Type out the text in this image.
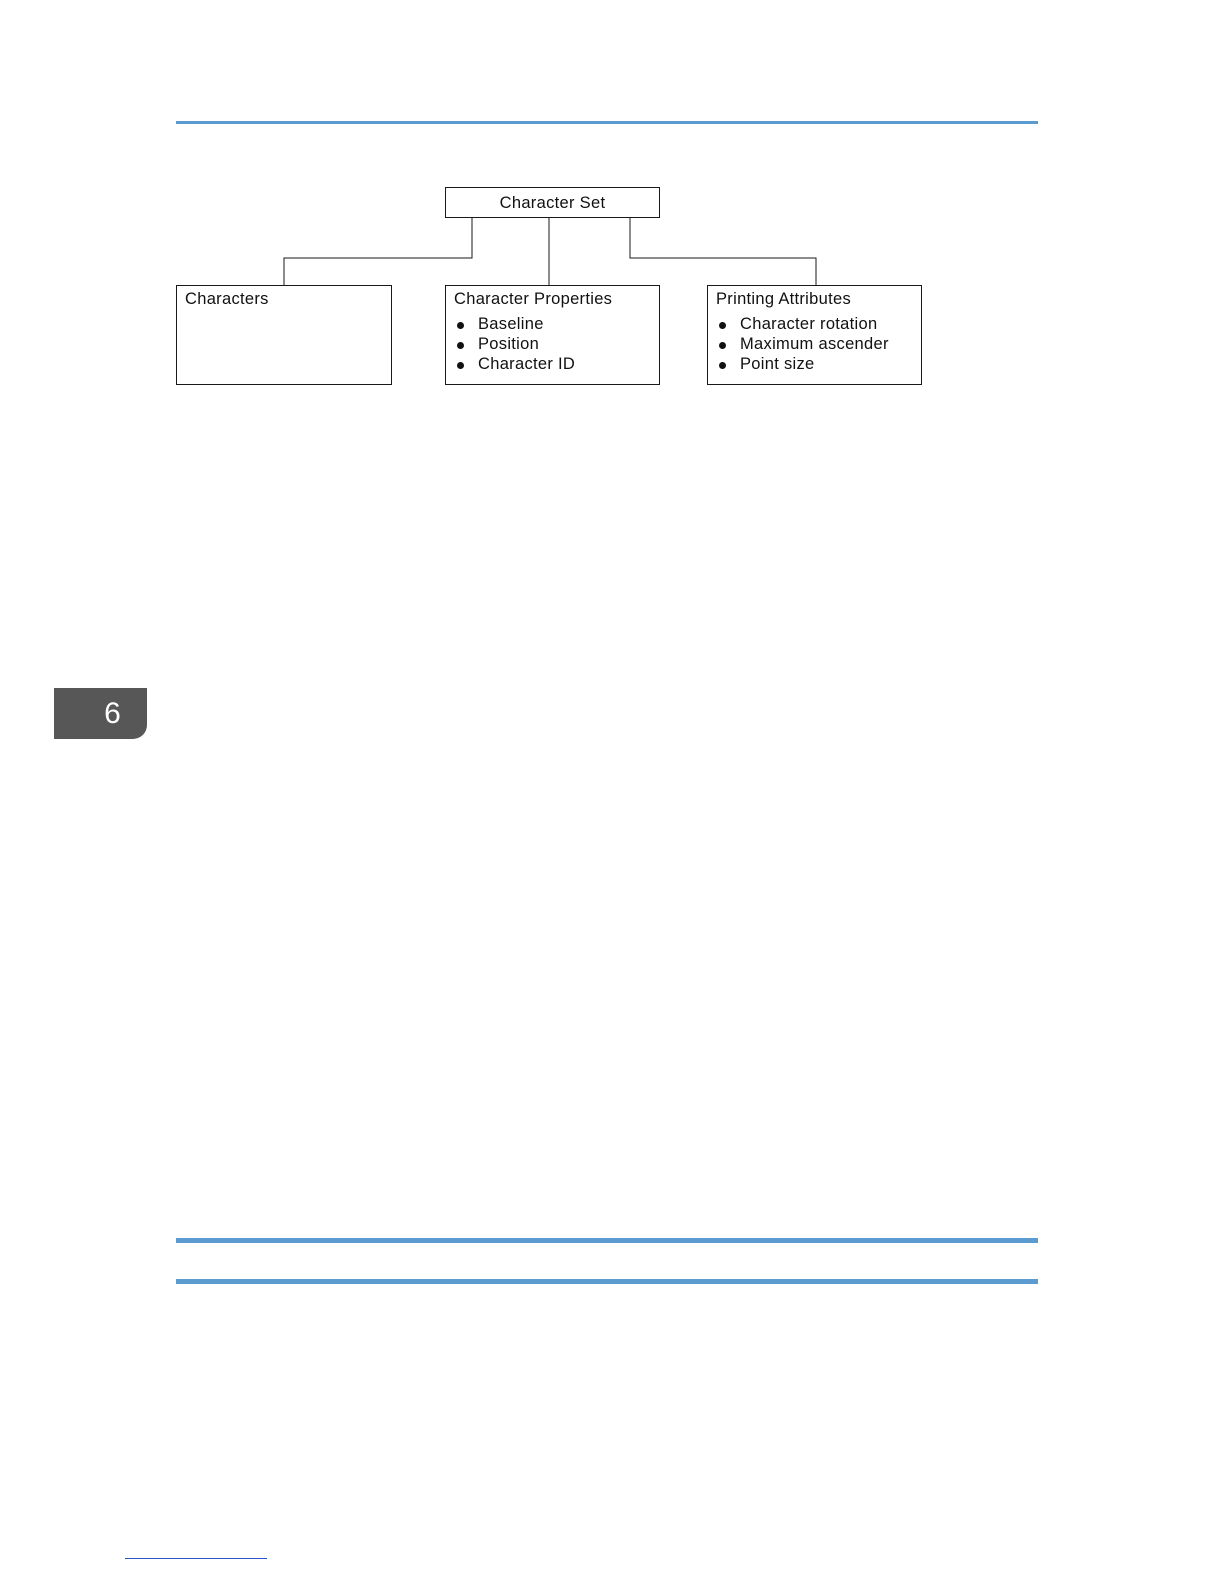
Character Set
Characters	Character Properties
Baseline
Position
Character ID
Printing Attributes
Character rotation
Maximum ascender
Point size
6
